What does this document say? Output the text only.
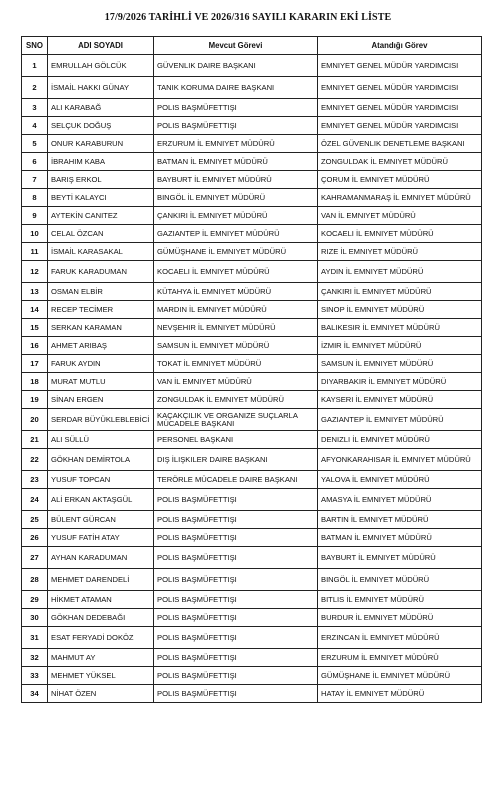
17/9/2026 TARİHLİ VE 2026/316 SAYILI KARARIN EKİ LİSTE
SNO	ADI SOYADI	Mevcut Görevi	Atandığı Görev
1	EMRULLAH GÖLCÜK	GÜVENLIK DAIRE BAŞKANI	EMNIYET GENEL MÜDÜR YARDIMCISI
2	İSMAİL HAKKI GÜNAY	TANIK KORUMA DAIRE BAŞKANI	EMNIYET GENEL MÜDÜR YARDIMCISI
3	ALI KARABAĞ	POLIS BAŞMÜFETTIŞI	EMNIYET GENEL MÜDÜR YARDIMCISI
4	SELÇUK DOĞUŞ	POLIS BAŞMÜFETTIŞI	EMNIYET GENEL MÜDÜR YARDIMCISI
5	ONUR KARABURUN	ERZURUM İL EMNIYET MÜDÜRÜ	ÖZEL GÜVENLIK DENETLEME BAŞKANI
6	İBRAHIM KABA	BATMAN İL EMNIYET MÜDÜRÜ	ZONGULDAK İL EMNIYET MÜDÜRÜ
7	BARIŞ ERKOL	BAYBURT İL EMNIYET MÜDÜRÜ	ÇORUM İL EMNIYET MÜDÜRÜ
8	BEYTİ KALAYCI	BINGÖL İL EMNIYET MÜDÜRÜ	KAHRAMANMARAŞ İL EMNIYET MÜDÜRÜ
9	AYTEKİN CANITEZ	ÇANKIRI İL EMNIYET MÜDÜRÜ	VAN İL EMNIYET MÜDÜRÜ
10	CELAL ÖZCAN	GAZIANTEP İL EMNIYET MÜDÜRÜ	KOCAELI İL EMNIYET MÜDÜRÜ
11	İSMAİL KARASAKAL	GÜMÜŞHANE İL EMNIYET MÜDÜRÜ	RIZE İL EMNIYET MÜDÜRÜ
12	FARUK KARADUMAN	KOCAELI İL EMNIYET MÜDÜRÜ	AYDIN İL EMNIYET MÜDÜRÜ
13	OSMAN ELBİR	KÜTAHYA İL EMNIYET MÜDÜRÜ	ÇANKIRI İL EMNIYET MÜDÜRÜ
14	RECEP TECİMER	MARDIN İL EMNIYET MÜDÜRÜ	SINOP İL EMNIYET MÜDÜRÜ
15	SERKAN KARAMAN	NEVŞEHIR İL EMNIYET MÜDÜRÜ	BALIKESIR İL EMNIYET MÜDÜRÜ
16	AHMET ARIBAŞ	SAMSUN İL EMNIYET MÜDÜRÜ	İZMIR İL EMNIYET MÜDÜRÜ
17	FARUK AYDIN	TOKAT İL EMNIYET MÜDÜRÜ	SAMSUN İL EMNIYET MÜDÜRÜ
18	MURAT MUTLU	VAN İL EMNIYET MÜDÜRÜ	DIYARBAKIR İL EMNIYET MÜDÜRÜ
19	SİNAN ERGEN	ZONGULDAK İL EMNIYET MÜDÜRÜ	KAYSERI İL EMNIYET MÜDÜRÜ
20	SERDAR BÜYÜKLEBLEBİCİ	KAÇAKÇILIK VE ORGANIZE SUÇLARLA MÜCADELE BAŞKANI	GAZIANTEP İL EMNIYET MÜDÜRÜ
21	ALI SÜLLÜ	PERSONEL BAŞKANI	DENIZLI İL EMNIYET MÜDÜRÜ
22	GÖKHAN DEMİRTOLA	DIŞ İLIŞKILER DAIRE BAŞKANI	AFYONKARAHISAR İL EMNIYET MÜDÜRÜ
23	YUSUF TOPCAN	TERÖRLE MÜCADELE DAIRE BAŞKANI	YALOVA İL EMNIYET MÜDÜRÜ
24	ALİ ERKAN AKTAŞGÜL	POLIS BAŞMÜFETTIŞI	AMASYA İL EMNIYET MÜDÜRÜ
25	BÜLENT GÜRCAN	POLIS BAŞMÜFETTIŞI	BARTIN İL EMNIYET MÜDÜRÜ
26	YUSUF FATİH ATAY	POLIS BAŞMÜFETTIŞI	BATMAN İL EMNIYET MÜDÜRÜ
27	AYHAN KARADUMAN	POLIS BAŞMÜFETTIŞI	BAYBURT İL EMNIYET MÜDÜRÜ
28	MEHMET DARENDELİ	POLIS BAŞMÜFETTIŞI	BINGÖL İL EMNIYET MÜDÜRÜ
29	HİKMET ATAMAN	POLIS BAŞMÜFETTIŞI	BITLIS İL EMNIYET MÜDÜRÜ
30	GÖKHAN DEDEBAĞI	POLIS BAŞMÜFETTIŞI	BURDUR İL EMNIYET MÜDÜRÜ
31	ESAT FERYADİ DOKÖZ	POLIS BAŞMÜFETTIŞI	ERZINCAN İL EMNIYET MÜDÜRÜ
32	MAHMUT AY	POLIS BAŞMÜFETTIŞI	ERZURUM İL EMNIYET MÜDÜRÜ
33	MEHMET YÜKSEL	POLIS BAŞMÜFETTIŞI	GÜMÜŞHANE İL EMNIYET MÜDÜRÜ
34	NİHAT ÖZEN	POLIS BAŞMÜFETTIŞI	HATAY İL EMNIYET MÜDÜRÜ
